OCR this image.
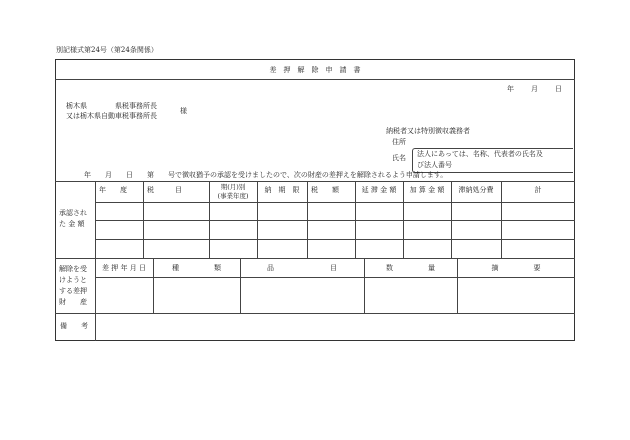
別記様式第24号（第24条関係）
差　押　解　除　申　請　書
年　　月　　日
栃木県　　　　県税事務所長
又は栃木県自動車税事務所長
様
納税者又は特別徴収義務者
住所
氏名 法人にあっては、名称、代表者の氏名及
び法人番号
年　　月　　日　　第　　号で徴収猶予の承認を受けましたので、次の財産の差押えを解除されるよう申請します。
承認され
た 金 額
年　　度	税　　　目	期(月)別
(事業年度)
納　期　限	税　　額	延 滞 金 額	加 算 金 額	滞納処分費	計
解除を受
けようと
する差押
財　　産
差 押 年 月 日	種　　　　　類	品　　　　　　　　目	数　　　　　量	摘　　　　　要
備　　考
